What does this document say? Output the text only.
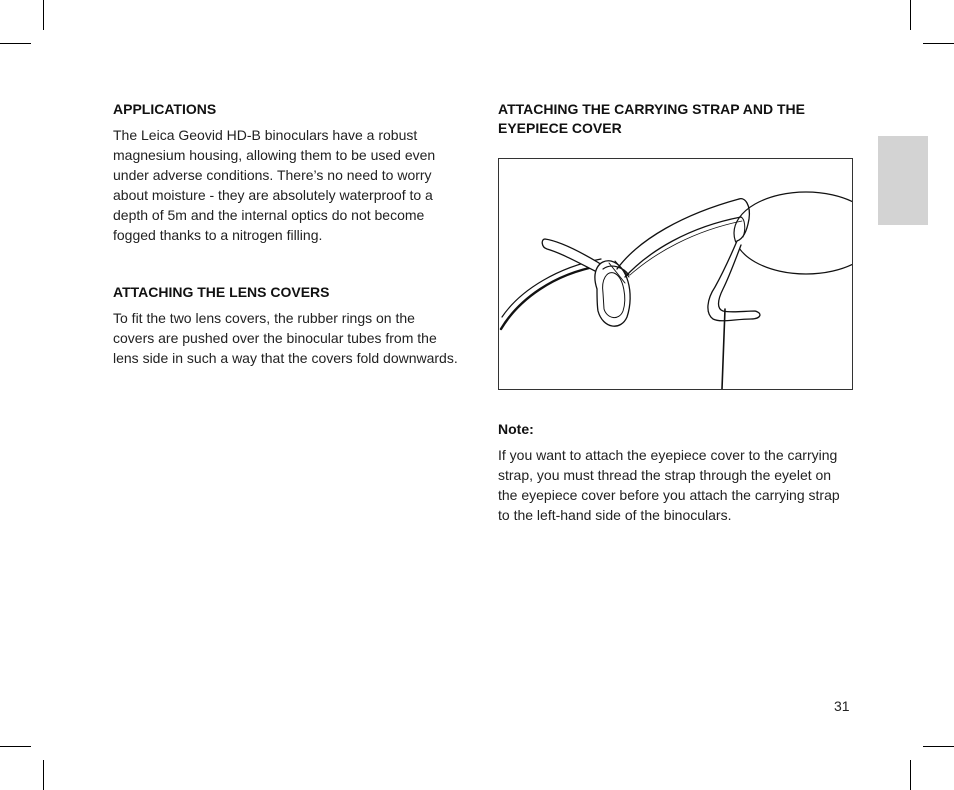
APPLICATIONS

The Leica Geovid HD-B binoculars have a robust magnesium housing, allowing them to be used even under adverse conditions. There’s no need to worry about moisture - they are absolutely waterproof to a depth of 5m and the internal optics do not become fogged thanks to a nitrogen filling.

ATTACHING THE LENS COVERS

To fit the two lens covers, the rubber rings on the covers are pushed over the binocular tubes from the lens side in such a way that the covers fold downwards.

ATTACHING THE CARRYING STRAP AND THE EYEPIECE COVER
Note:

If you want to attach the eyepiece cover to the carrying strap, you must thread the strap through the eyelet on the eyepiece cover before you attach the carrying strap to the left-hand side of the binoculars.

31
